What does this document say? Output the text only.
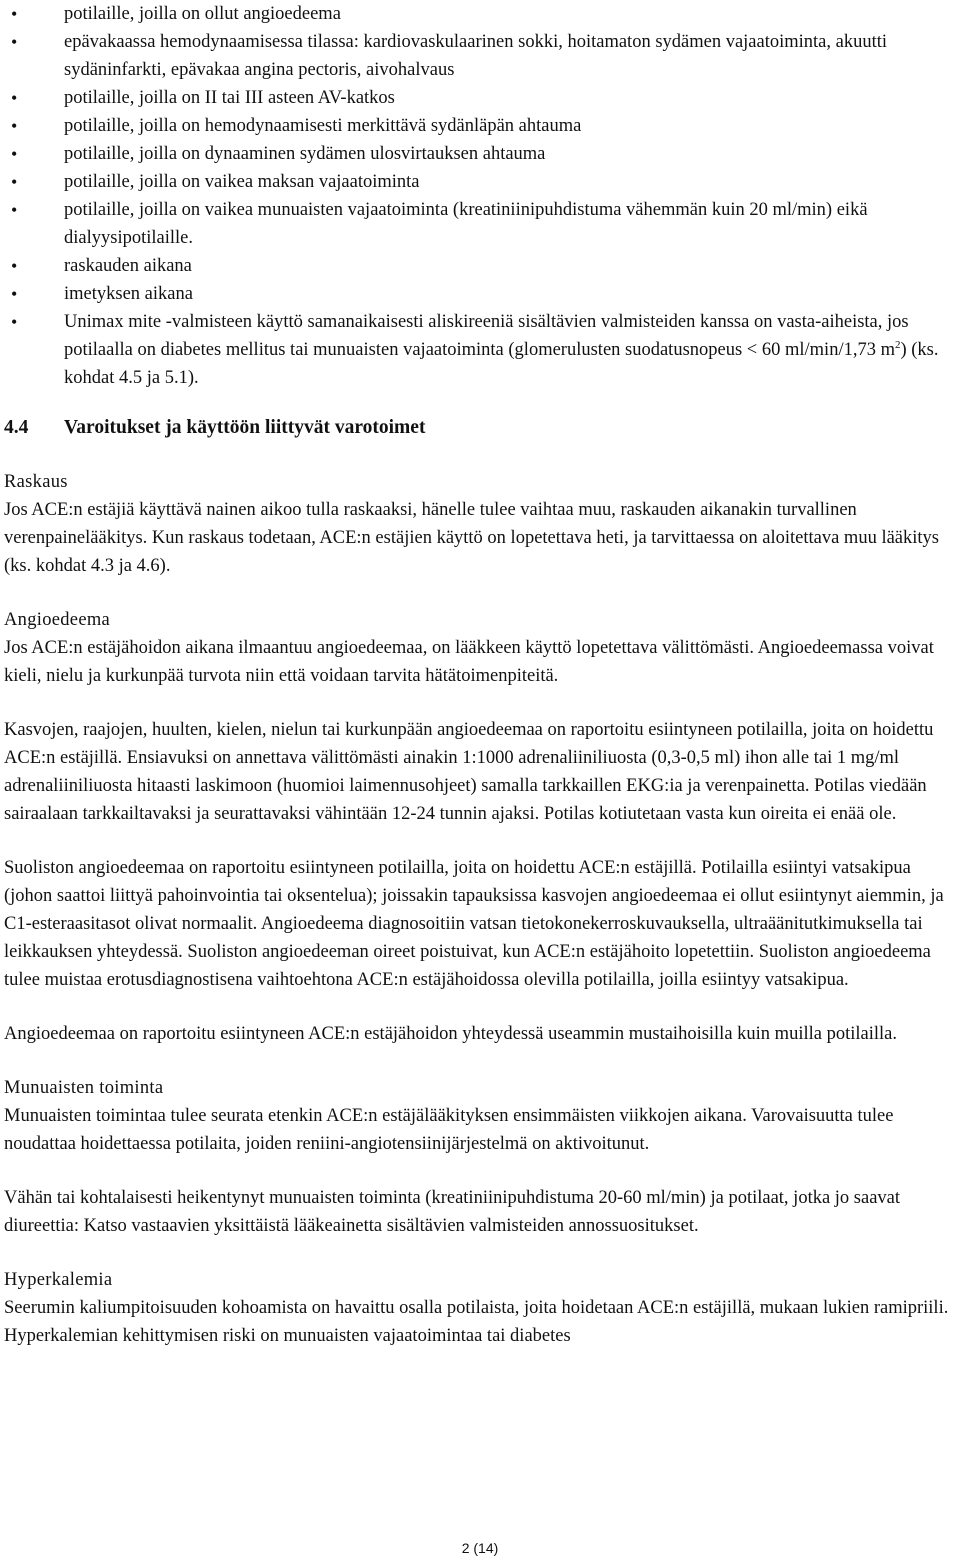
•	potilaille, joilla on ollut angioedeema
•	epävakaassa hemodynaamisessa tilassa: kardiovaskulaarinen sokki, hoitamaton sydämen vajaatoiminta, akuutti sydäninfarkti, epävakaa angina pectoris, aivohalvaus
•	potilaille, joilla on II tai III asteen AV-katkos
•	potilaille, joilla on hemodynaamisesti merkittävä sydänläpän ahtauma
•	potilaille, joilla on dynaaminen sydämen ulosvirtauksen ahtauma
•	potilaille, joilla on vaikea maksan vajaatoiminta
•	potilaille, joilla on vaikea munuaisten vajaatoiminta (kreatiniinipuhdistuma vähemmän kuin 20 ml/min) eikä dialyysipotilaille.
•	raskauden aikana
•	imetyksen aikana
•	Unimax mite -valmisteen käyttö samanaikaisesti aliskireeniä sisältävien valmisteiden kanssa on vasta-aiheista, jos potilaalla on diabetes mellitus tai munuaisten vajaatoiminta (glomerulusten suodatusnopeus < 60 ml/min/1,73 $m^2$) (ks. kohdat 4.5 ja 5.1).
4.4 Varoitukset ja käyttöön liittyvät varotoimet

Raskaus

Jos ACE:n estäjiä käyttävä nainen aikoo tulla raskaaksi, hänelle tulee vaihtaa muu, raskauden aikanakin turvallinen verenpainelääkitys. Kun raskaus todetaan, ACE:n estäjien käyttö on lopetettava heti, ja tarvittaessa on aloitettava muu lääkitys (ks. kohdat 4.3 ja 4.6).

Angioedeema

Jos ACE:n estäjähoidon aikana ilmaantuu angioedeemaa, on lääkkeen käyttö lopetettava välittömästi. Angioedeemassa voivat kieli, nielu ja kurkunpää turvota niin että voidaan tarvita hätätoimenpiteitä.

Kasvojen, raajojen, huulten, kielen, nielun tai kurkunpään angioedeemaa on raportoitu esiintyneen potilailla, joita on hoidettu ACE:n estäjillä. Ensiavuksi on annettava välittömästi ainakin 1:1000 adrenaliiniliuosta (0,3-0,5 ml) ihon alle tai 1 mg/ml adrenaliiniliuosta hitaasti laskimoon (huomioi laimennusohjeet) samalla tarkkaillen EKG:ia ja verenpainetta. Potilas viedään sairaalaan tarkkailtavaksi ja seurattavaksi vähintään 12-24 tunnin ajaksi. Potilas kotiutetaan vasta kun oireita ei enää ole.

Suoliston angioedeemaa on raportoitu esiintyneen potilailla, joita on hoidettu ACE:n estäjillä. Potilailla esiintyi vatsakipua (johon saattoi liittyä pahoinvointia tai oksentelua); joissakin tapauksissa kasvojen angioedeemaa ei ollut esiintynyt aiemmin, ja C1-esteraasitasot olivat normaalit. Angioedeema diagnosoitiin vatsan tietokonekerroskuvauksella, ultraäänitutkimuksella tai leikkauksen yhteydessä. Suoliston angioedeeman oireet poistuivat, kun ACE:n estäjähoito lopetettiin. Suoliston angioedeema tulee muistaa erotusdiagnostisena vaihtoehtona ACE:n estäjähoidossa olevilla potilailla, joilla esiintyy vatsakipua.

Angioedeemaa on raportoitu esiintyneen ACE:n estäjähoidon yhteydessä useammin mustaihoisilla kuin muilla potilailla.

Munuaisten toiminta

Munuaisten toimintaa tulee seurata etenkin ACE:n estäjälääkityksen ensimmäisten viikkojen aikana. Varovaisuutta tulee noudattaa hoidettaessa potilaita, joiden reniini-angiotensiinijärjestelmä on aktivoitunut.

Vähän tai kohtalaisesti heikentynyt munuaisten toiminta (kreatiniinipuhdistuma 20-60 ml/min) ja potilaat, jotka jo saavat diureettia: Katso vastaavien yksittäistä lääkeainetta sisältävien valmisteiden annossuositukset.

Hyperkalemia

Seerumin kaliumpitoisuuden kohoamista on havaittu osalla potilaista, joita hoidetaan ACE:n estäjillä, mukaan lukien ramipriili. Hyperkalemian kehittymisen riski on munuaisten vajaatoimintaa tai diabetes

2 (14)
